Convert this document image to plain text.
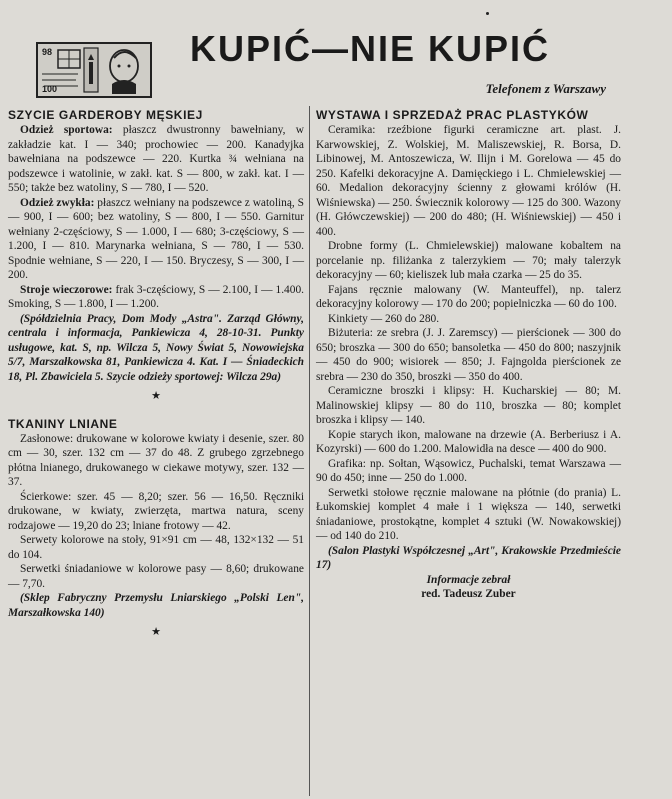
98
100
KUPIĆ—NIE KUPIĆ
Telefonem z Warszawy
SZYCIE GARDEROBY MĘSKIEJ

Odzież sportowa: płaszcz dwustronny bawełniany, w zakładzie kat. I — 340; prochowiec — 200. Kanadyjka bawełniana na podszewce — 220. Kurtka ¾ wełniana na podszewce i watolinie, w zakł. kat. S — 800, w zakł. kat. I — 550; także bez watoliny, S — 780, I — 520.

Odzież zwykła: płaszcz wełniany na podszewce z watoliną, S — 900, I — 600; bez watoliny, S — 800, I — 550. Garnitur wełniany 2-częściowy, S — 1.000, I — 680; 3-częściowy, S — 1.200, I — 810. Marynarka wełniana, S — 780, I — 530. Spodnie wełniane, S — 220, I — 150. Bryczesy, S — 300, I — 200.

Stroje wieczorowe: frak 3-częściowy, S — 2.100, I — 1.400. Smoking, S — 1.800, I — 1.200.

(Spółdzielnia Pracy, Dom Mody „Astra". Zarząd Główny, centrala i informacja, Pankiewicza 4, 28-10-31. Punkty usługowe, kat. S, np. Wilcza 5, Nowy Świat 5, Nowowiejska 5/7, Marszałkowska 81, Pankiewicza 4. Kat. I — Śniadeckich 18, Pl. Zbawiciela 5. Szycie odzieży sportowej: Wilcza 29a)

★
TKANINY LNIANE

Zasłonowe: drukowane w kolorowe kwiaty i desenie, szer. 80 cm — 30, szer. 132 cm — 37 do 48. Z grubego zgrzebnego płótna lnianego, drukowanego w ciekawe motywy, szer. 132 — 37.

Ścierkowe: szer. 45 — 8,20; szer. 56 — 16,50. Ręczniki drukowane, w kwiaty, zwierzęta, martwa natura, sceny rodzajowe — 19,20 do 23; lniane frotowy — 42.

Serwety kolorowe na stoły, 91×91 cm — 48, 132×132 — 51 do 104.

Serwetki śniadaniowe w kolorowe pasy — 8,60; drukowane — 7,70.

(Sklep Fabryczny Przemysłu Lniarskiego „Polski Len", Marszałkowska 140)

★
WYSTAWA I SPRZEDAŻ PRAC PLASTYKÓW

Ceramika: rzeźbione figurki ceramiczne art. plast. J. Karwowskiej, Z. Wolskiej, M. Maliszewskiej, R. Borsa, D. Libinowej, M. Antoszewicza, W. Ilijn i M. Gorelowa — 45 do 250. Kafelki dekoracyjne A. Damięckiego i L. Chmielewskiej — 60. Medalion dekoracyjny ścienny z głowami królów (H. Wiśniewska) — 250. Świecznik kolorowy — 125 do 300. Wazony (H. Główczewskiej) — 200 do 480; (H. Wiśniewskiej) — 450 i 400.

Drobne formy (L. Chmielewskiej) malowane kobaltem na porcelanie np. filiżanka z talerzykiem — 70; mały talerzyk dekoracyjny — 60; kieliszek lub mała czarka — 25 do 35.

Fajans ręcznie malowany (W. Manteuffel), np. talerz dekoracyjny kolorowy — 170 do 200; popielniczka — 60 do 100.

Kinkiety — 260 do 280.

Biżuteria: ze srebra (J. J. Zaremscy) — pierścionek — 300 do 650; broszka — 300 do 650; bansoletka — 450 do 800; naszyjnik — 450 do 900; wisiorek — 850; J. Fajngolda pierścionek ze srebra — 230 do 350, broszki — 350 do 400.

Ceramiczne broszki i klipsy: H. Kucharskiej — 80; M. Malinowskiej klipsy — 80 do 110, broszka — 80; komplet broszka i klipsy — 140.

Kopie starych ikon, malowane na drzewie (A. Berberiusz i A. Kozyrski) — 600 do 1.200. Malowidła na desce — 400 do 900.

Grafika: np. Sołtan, Wąsowicz, Puchalski, temat Warszawa — 90 do 450; inne — 250 do 1.000.

Serwetki stołowe ręcznie malowane na płótnie (do prania) L. Łukomskiej komplet 4 małe i 1 większa — 140, serwetki śniadaniowe, prostokątne, komplet 4 sztuki (W. Nowakowskiej) — od 140 do 210.

(Salon Plastyki Współczesnej „Art", Krakowskie Przedmieście 17)

Informacje zebrał
red. Tadeusz Zuber
